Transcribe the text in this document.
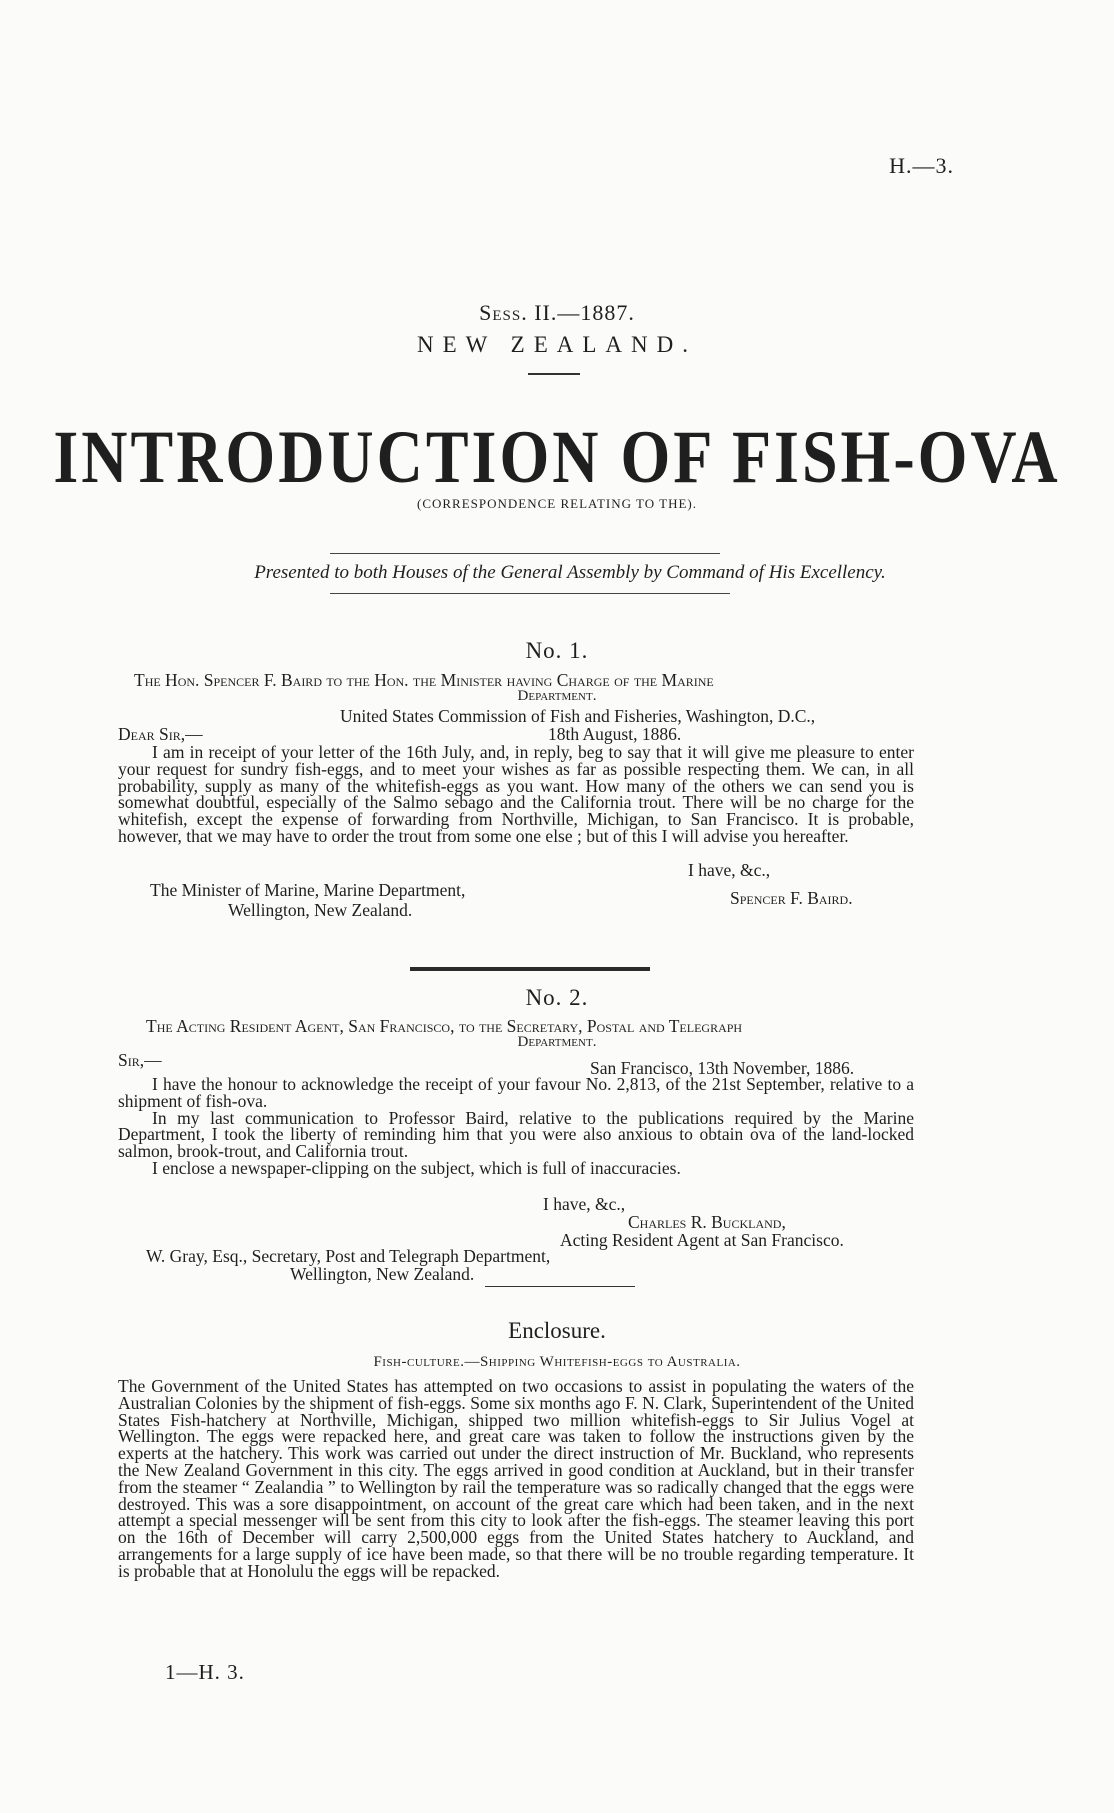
H.—3.
Sess. II.—1887.
NEW ZEALAND.
INTRODUCTION OF FISH-OVA
(CORRESPONDENCE RELATING TO THE).
Presented to both Houses of the General Assembly by Command of His Excellency.
No. 1.
The Hon. Spencer F. Baird to the Hon. the Minister having Charge of the Marine
Department.
United States Commission of Fish and Fisheries, Washington, D.C.,
Dear Sir,—	18th August, 1886.

I am in receipt of your letter of the 16th July, and, in reply, beg to say that it will give me pleasure to enter your request for sundry fish-eggs, and to meet your wishes as far as possible respecting them. We can, in all probability, supply as many of the whitefish-eggs as you want. How many of the others we can send you is somewhat doubtful, especially of the Salmo sebago and the California trout. There will be no charge for the whitefish, except the expense of forwarding from Northville, Michigan, to San Francisco. It is probable, however, that we may have to order the trout from some one else ; but of this I will advise you hereafter.

I have, &c.,
The Minister of Marine, Marine Department,	Spencer F. Baird.
Wellington, New Zealand.
No. 2.
The Acting Resident Agent, San Francisco, to the Secretary, Postal and Telegraph
Department.
Sir,—	San Francisco, 13th November, 1886.

I have the honour to acknowledge the receipt of your favour No. 2,813, of the 21st September, relative to a shipment of fish-ova.

In my last communication to Professor Baird, relative to the publications required by the Marine Department, I took the liberty of reminding him that you were also anxious to obtain ova of the land-locked salmon, brook-trout, and California trout.

I enclose a newspaper-clipping on the subject, which is full of inaccuracies.

I have, &c.,
Charles R. Buckland,
Acting Resident Agent at San Francisco.
W. Gray, Esq., Secretary, Post and Telegraph Department,
Wellington, New Zealand.
Enclosure.
Fish-culture.—Shipping Whitefish-eggs to Australia.

The Government of the United States has attempted on two occasions to assist in populating the waters of the Australian Colonies by the shipment of fish-eggs. Some six months ago F. N. Clark, Superintendent of the United States Fish-hatchery at Northville, Michigan, shipped two million whitefish-eggs to Sir Julius Vogel at Wellington. The eggs were repacked here, and great care was taken to follow the instructions given by the experts at the hatchery. This work was carried out under the direct instruction of Mr. Buckland, who represents the New Zealand Government in this city. The eggs arrived in good condition at Auckland, but in their transfer from the steamer “ Zealandia ” to Wellington by rail the temperature was so radically changed that the eggs were destroyed. This was a sore disappointment, on account of the great care which had been taken, and in the next attempt a special messenger will be sent from this city to look after the fish-eggs. The steamer leaving this port on the 16th of December will carry 2,500,000 eggs from the United States hatchery to Auckland, and arrangements for a large supply of ice have been made, so that there will be no trouble regarding temperature. It is probable that at Honolulu the eggs will be repacked.

1—H. 3.
